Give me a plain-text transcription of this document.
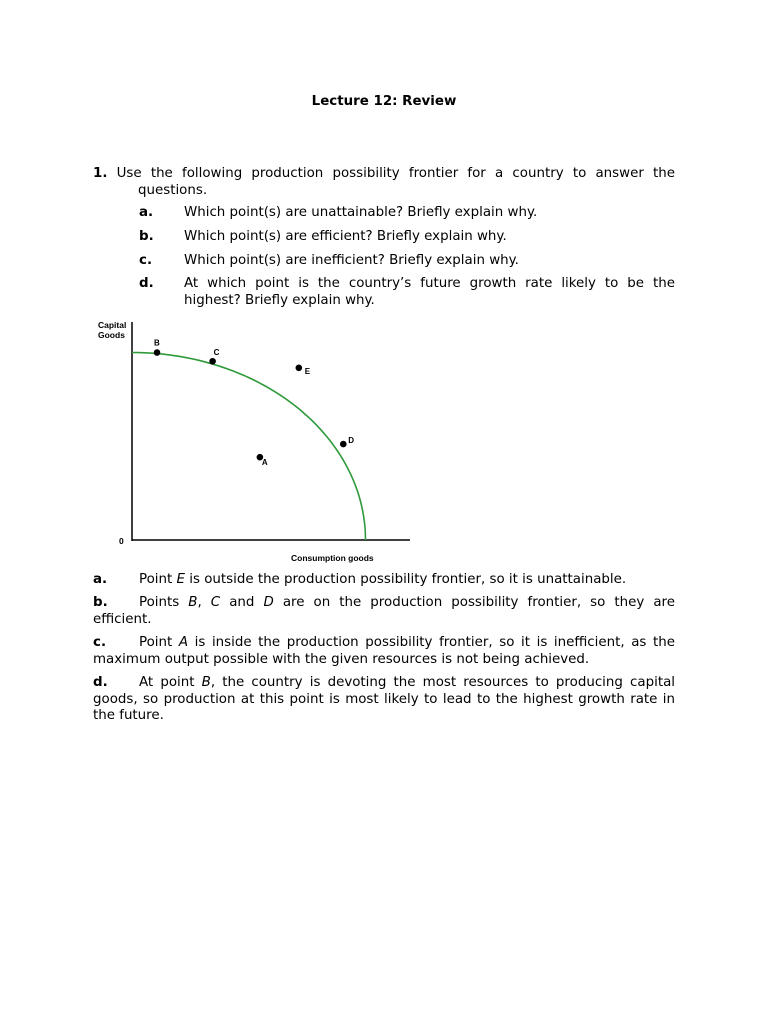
Lecture 12: Review
1. Use the following production possibility frontier for a country to answer the questions.
a. Which point(s) are unattainable? Briefly explain why.
b. Which point(s) are efficient? Briefly explain why.
c. Which point(s) are inefficient? Briefly explain why.
d. At which point is the country’s future growth rate likely to be the highest? Briefly explain why.
Capital
Goods
0
Consumption goods
A
B
C
D
E
a. Point E is outside the production possibility frontier, so it is unattainable.
b. Points B, C and D are on the production possibility frontier, so they are efficient.
c. Point A is inside the production possibility frontier, so it is inefficient, as the maximum output possible with the given resources is not being achieved.
d. At point B, the country is devoting the most resources to producing capital goods, so production at this point is most likely to lead to the highest growth rate in the future.
